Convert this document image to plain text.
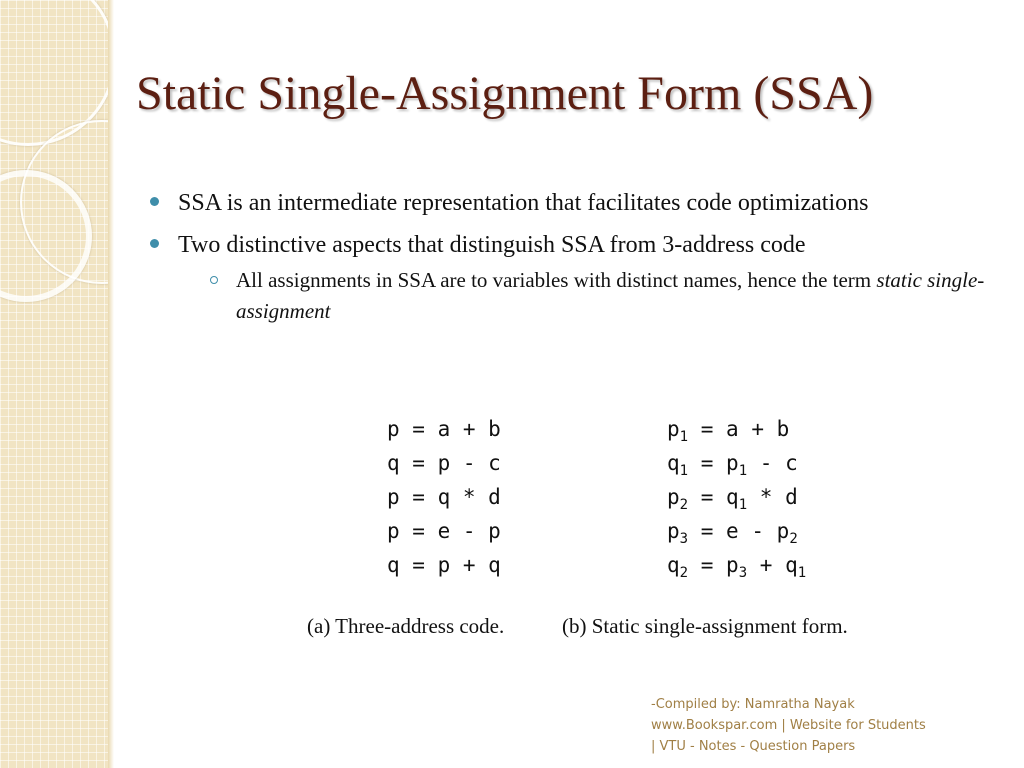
Static Single-Assignment Form (SSA)
SSA is an intermediate representation that facilitates code optimizations
Two distinctive aspects that distinguish SSA from 3-address code
All assignments in SSA are to variables with distinct names, hence the term static single-assignment
p = a + b
q = p - c
p = q * d
p = e - p
q = p + q
$p_1 = a + b$
$q_1 = p_1 - c$
$p_2 = q_1 * d$
$p_3 = e - p_2$
$q_2 = p_3 + q_1$
(a) Three-address code.	(b) Static single-assignment form.
-Compiled by: Namratha Nayak
www.Bookspar.com | Website for Students
| VTU - Notes - Question Papers
